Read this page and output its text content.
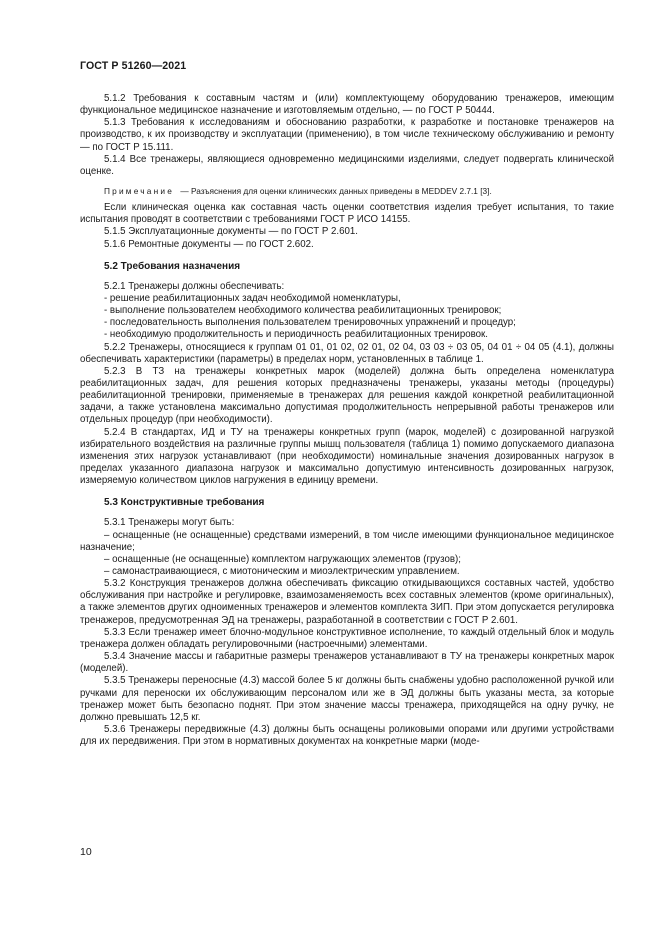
ГОСТ Р 51260—2021

5.1.2 Требования к составным частям и (или) комплектующему оборудованию тренажеров, имеющим функциональное медицинское назначение и изготовляемым отдельно, — по ГОСТ Р 50444.

5.1.3 Требования к исследованиям и обоснованию разработки, к разработке и постановке тренажеров на производство, к их производству и эксплуатации (применению), в том числе техническому обслуживанию и ремонту — по ГОСТ Р 15.111.

5.1.4 Все тренажеры, являющиеся одновременно медицинскими изделиями, следует подвергать клинической оценке.

Примечание — Разъяснения для оценки клинических данных приведены в MEDDEV 2.7.1 [3].

Если клиническая оценка как составная часть оценки соответствия изделия требует испытания, то такие испытания проводят в соответствии с требованиями ГОСТ Р ИСО 14155.

5.1.5 Эксплуатационные документы — по ГОСТ Р 2.601.

5.1.6 Ремонтные документы — по ГОСТ 2.602.

5.2 Требования назначения

5.2.1 Тренажеры должны обеспечивать:

- решение реабилитационных задач необходимой номенклатуры,

- выполнение пользователем необходимого количества реабилитационных тренировок;

- последовательность выполнения пользователем тренировочных упражнений и процедур;

- необходимую продолжительность и периодичность реабилитационных тренировок.

5.2.2 Тренажеры, относящиеся к группам 01 01, 01 02, 02 01, 02 04, 03 03 ÷ 03 05, 04 01 ÷ 04 05 (4.1), должны обеспечивать характеристики (параметры) в пределах норм, установленных в таблице 1.

5.2.3 В ТЗ на тренажеры конкретных марок (моделей) должна быть определена номенклатура реабилитационных задач, для решения которых предназначены тренажеры, указаны методы (процедуры) реабилитационной тренировки, применяемые в тренажерах для решения каждой конкретной реабилитационной задачи, а также установлена максимально допустимая продолжительность непрерывной работы тренажеров или отдельных процедур (при необходимости).

5.2.4 В стандартах, ИД и ТУ на тренажеры конкретных групп (марок, моделей) с дозированной нагрузкой избирательного воздействия на различные группы мышц пользователя (таблица 1) помимо допускаемого диапазона изменения этих нагрузок устанавливают (при необходимости) номинальные значения дозированных нагрузок в пределах указанного диапазона нагрузок и максимально допустимую интенсивность дозированных нагрузок, измеряемую количеством циклов нагружения в единицу времени.

5.3 Конструктивные требования

5.3.1 Тренажеры могут быть:

– оснащенные (не оснащенные) средствами измерений, в том числе имеющими функциональное медицинское назначение;

– оснащенные (не оснащенные) комплектом нагружающих элементов (грузов);

– самонастраивающиеся, с миотоническим и миоэлектрическим управлением.

5.3.2 Конструкция тренажеров должна обеспечивать фиксацию откидывающихся составных частей, удобство обслуживания при настройке и регулировке, взаимозаменяемость всех составных элементов (кроме оригинальных), а также элементов других одноименных тренажеров и элементов комплекта ЗИП. При этом допускается регулировка тренажеров, предусмотренная ЭД на тренажеры, разработанной в соответствии с ГОСТ Р 2.601.

5.3.3 Если тренажер имеет блочно-модульное конструктивное исполнение, то каждый отдельный блок и модуль тренажера должен обладать регулировочными (настроечными) элементами.

5.3.4 Значение массы и габаритные размеры тренажеров устанавливают в ТУ на тренажеры конкретных марок (моделей).

5.3.5 Тренажеры переносные (4.3) массой более 5 кг должны быть снабжены удобно расположенной ручкой или ручками для переноски их обслуживающим персоналом или же в ЭД должны быть указаны места, за которые тренажер может быть безопасно поднят. При этом значение массы тренажера, приходящейся на одну ручку, не должно превышать 12,5 кг.

5.3.6 Тренажеры передвижные (4.3) должны быть оснащены роликовыми опорами или другими устройствами для их передвижения. При этом в нормативных документах на конкретные марки (моде-

10
